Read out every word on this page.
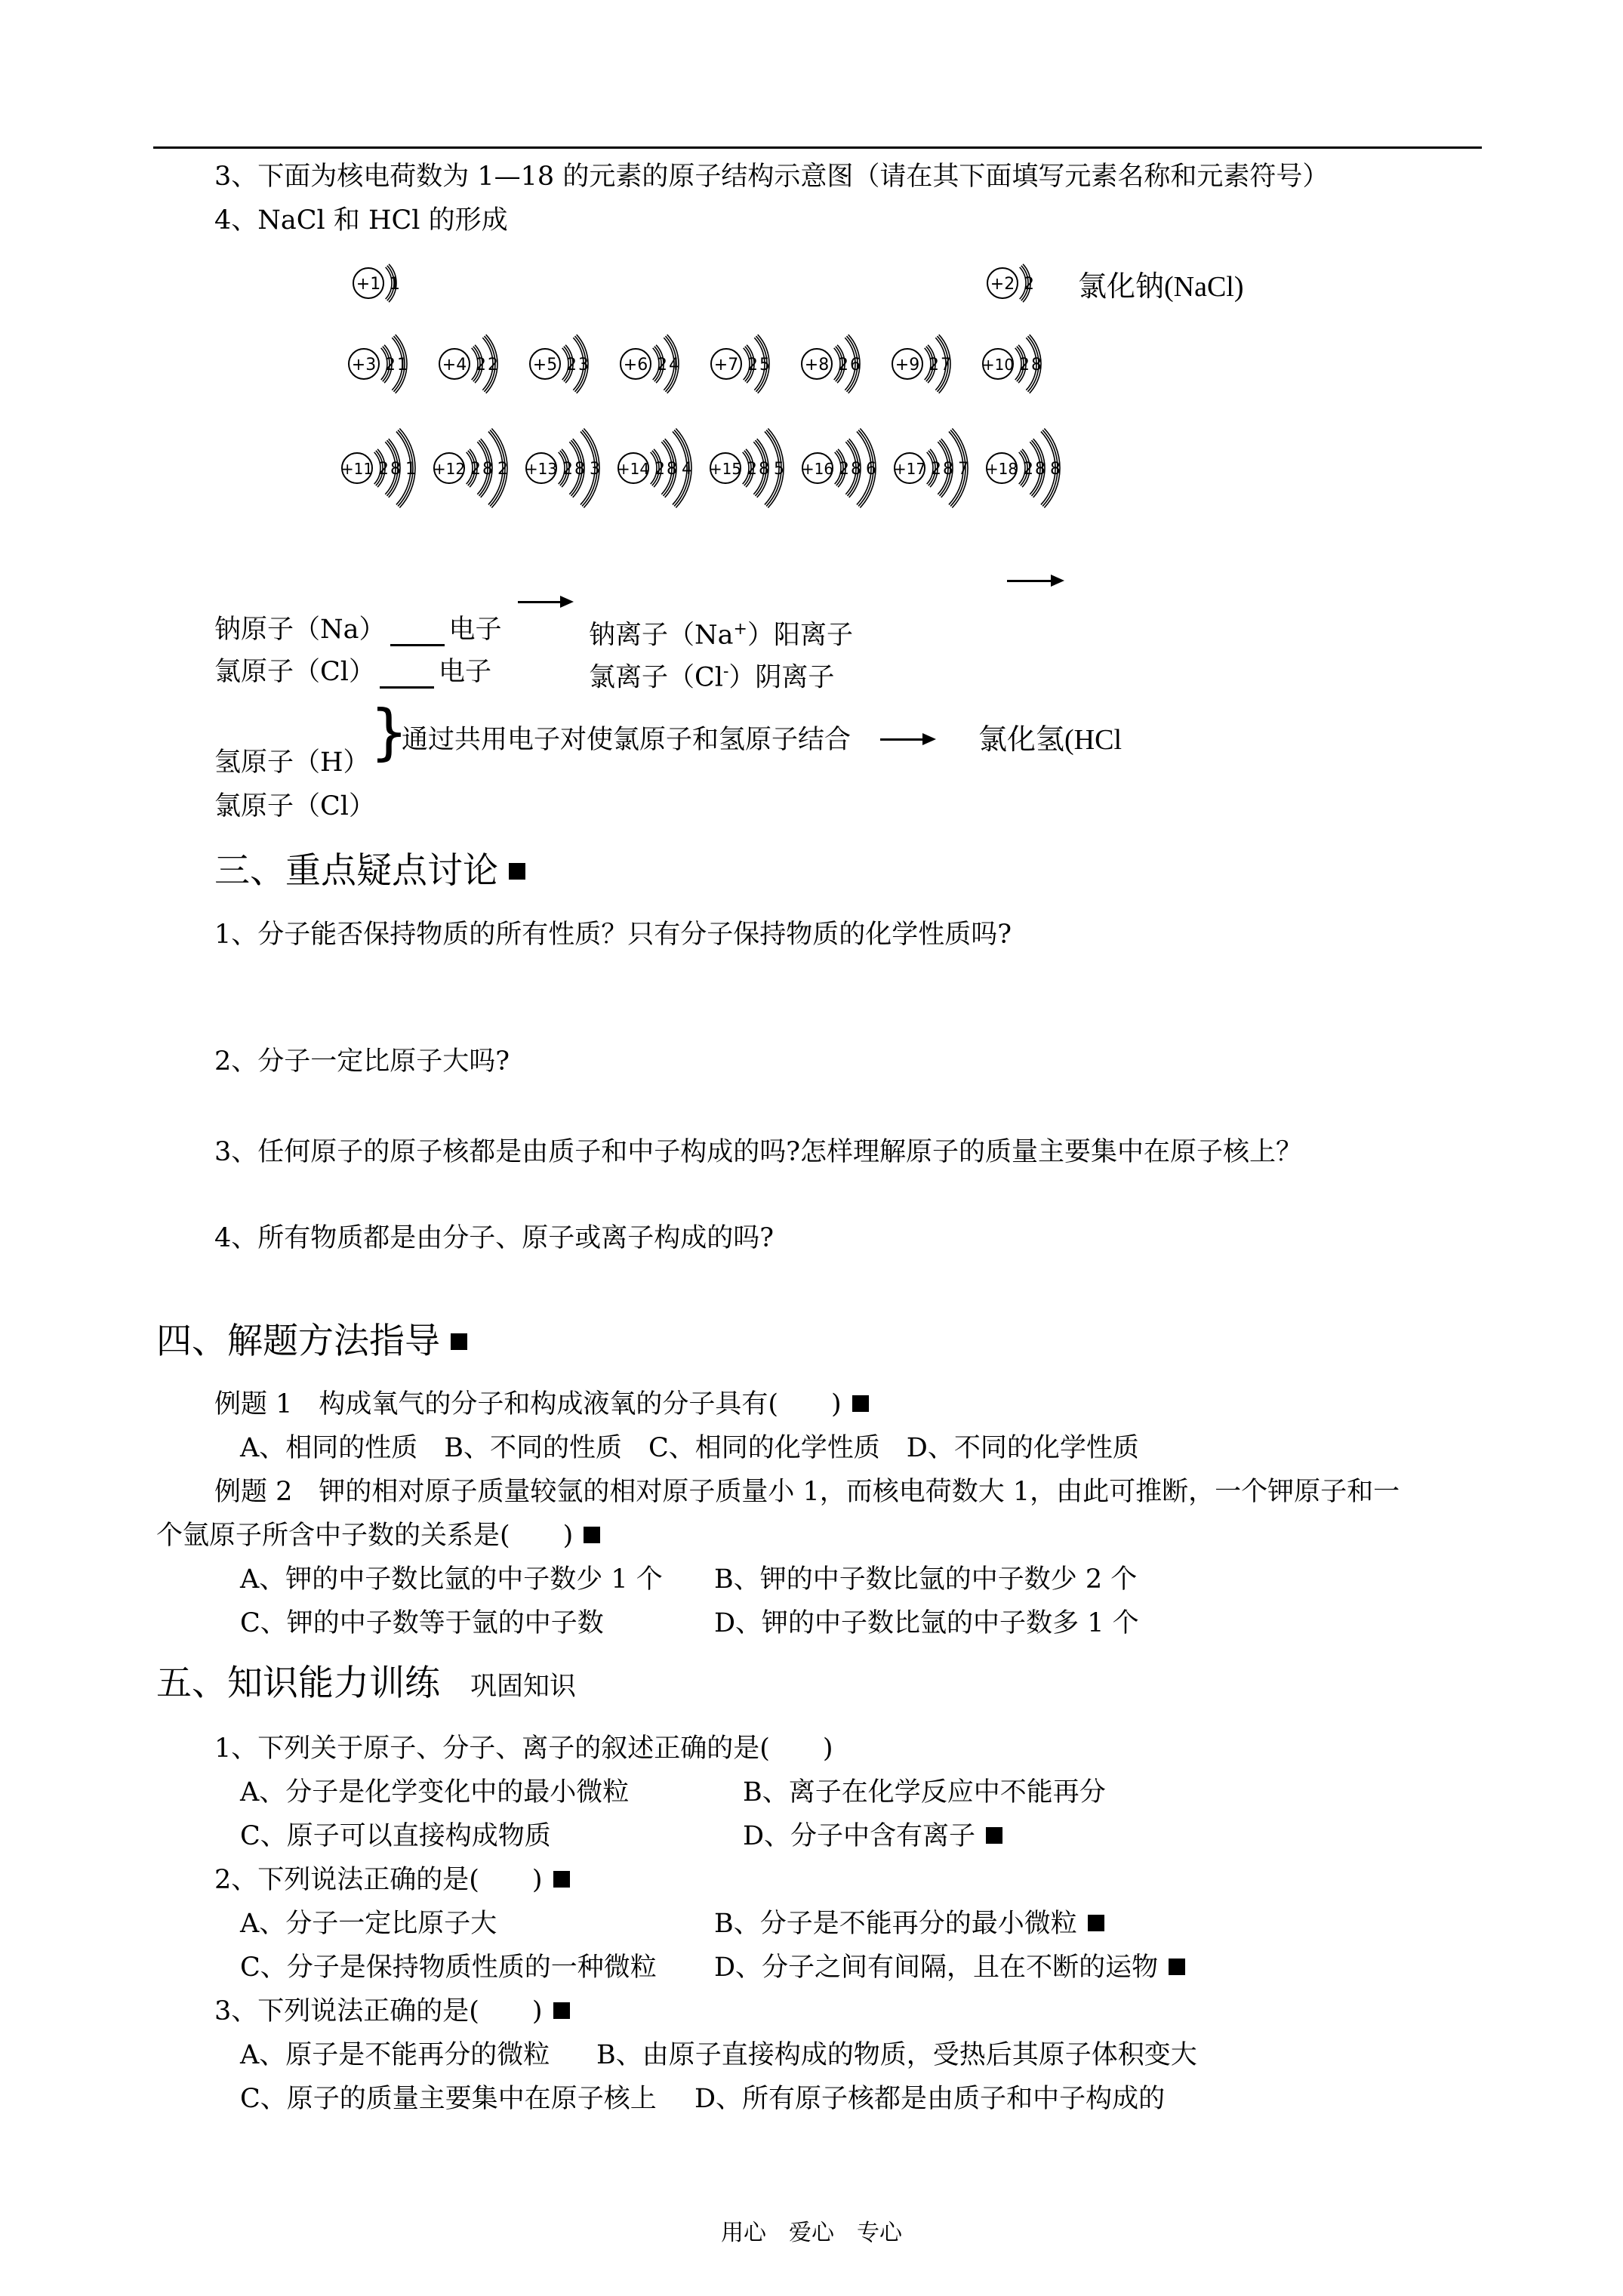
3、下面为核电荷数为 1—18 的元素的原子结构示意图（请在其下面填写元素名称和元素符号）
4、NaCl 和 HCl 的形成
+1 1	+2 2
+3 2 1 +4 2 2 +5 2 3 +6 2 4 +7 2 5 +8 2 6 +9 2 7 +10 2 8
+11 2 8 1 +12 2 8 2 +13 2 8 3 +14 2 8 4 +15 2 8 5 +16 2 8 6 +17 2 8 7 +18 2 8 8
氯化钠(NaCl)
钠原子（Na） 电子	钠离子（Na+）阳离子
氯原子（Cl） 电子	氯离子（Cl-）阴离子
}
通过共用电子对使氯原子和氢原子结合	氯化氢(HCl
氢原子（H）
氯原子（Cl）
三、重点疑点讨论
1、分子能否保持物质的所有性质？只有分子保持物质的化学性质吗?
2、分子一定比原子大吗?
3、任何原子的原子核都是由质子和中子构成的吗?怎样理解原子的质量主要集中在原子核上？
4、所有物质都是由分子、原子或离子构成的吗?
四、解题方法指导
例题 1　构成氧气的分子和构成液氧的分子具有(　　)
A、相同的性质　B、不同的性质　C、相同的化学性质　D、不同的化学性质
例题 2　钾的相对原子质量较氩的相对原子质量小 1，而核电荷数大 1，由此可推断，一个钾原子和一
个氩原子所含中子数的关系是(　　)
A、钾的中子数比氩的中子数少 1 个 B、钾的中子数比氩的中子数少 2 个
C、钾的中子数等于氩的中子数	D、钾的中子数比氩的中子数多 1 个
五、知识能力训练 巩固知识
1、下列关于原子、分子、离子的叙述正确的是(　　)
A、分子是化学变化中的最小微粒	B、离子在化学反应中不能再分
C、原子可以直接构成物质	D、分子中含有离子
2、下列说法正确的是(　　)
A、分子一定比原子大	B、分子是不能再分的最小微粒
C、分子是保持物质性质的一种微粒 D、分子之间有间隔，且在不断的运物
3、下列说法正确的是(　　)
A、原子是不能再分的微粒 B、由原子直接构成的物质，受热后其原子体积变大
C、原子的质量主要集中在原子核上 D、所有原子核都是由质子和中子构成的
用心　爱心　专心
